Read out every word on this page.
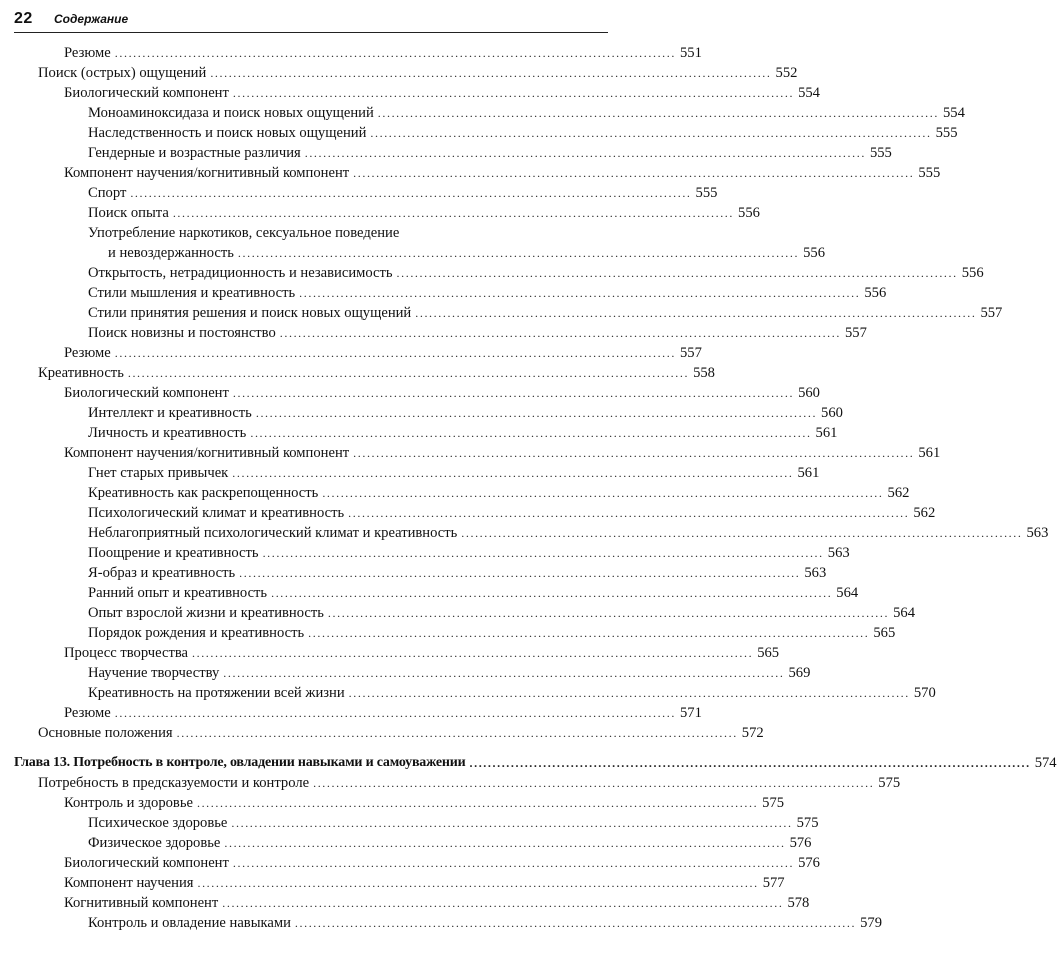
22 Содержание
Резюме .......................................................................................................................... 551
Поиск (острых) ощущений .......................................................................................................................... 552
Биологический компонент .......................................................................................................................... 554
Моноаминоксидаза и поиск новых ощущений .......................................................................................................................... 554
Наследственность и поиск новых ощущений .......................................................................................................................... 555
Гендерные и возрастные различия .......................................................................................................................... 555
Компонент научения/когнитивный компонент .......................................................................................................................... 555
Спорт .......................................................................................................................... 555
Поиск опыта .......................................................................................................................... 556
Употребление наркотиков, сексуальное поведение
и невоздержанность .......................................................................................................................... 556
Открытость, нетрадиционность и независимость .......................................................................................................................... 556
Стили мышления и креативность .......................................................................................................................... 556
Стили принятия решения и поиск новых ощущений .......................................................................................................................... 557
Поиск новизны и постоянство .......................................................................................................................... 557
Резюме .......................................................................................................................... 557
Креативность .......................................................................................................................... 558
Биологический компонент .......................................................................................................................... 560
Интеллект и креативность .......................................................................................................................... 560
Личность и креативность .......................................................................................................................... 561
Компонент научения/когнитивный компонент .......................................................................................................................... 561
Гнет старых привычек .......................................................................................................................... 561
Креативность как раскрепощенность .......................................................................................................................... 562
Психологический климат и креативность .......................................................................................................................... 562
Неблагоприятный психологический климат и креативность .......................................................................................................................... 563
Поощрение и креативность .......................................................................................................................... 563
Я-образ и креативность .......................................................................................................................... 563
Ранний опыт и креативность .......................................................................................................................... 564
Опыт взрослой жизни и креативность .......................................................................................................................... 564
Порядок рождения и креативность .......................................................................................................................... 565
Процесс творчества .......................................................................................................................... 565
Научение творчеству .......................................................................................................................... 569
Креативность на протяжении всей жизни .......................................................................................................................... 570
Резюме .......................................................................................................................... 571
Основные положения .......................................................................................................................... 572
Глава 13. Потребность в контроле, овладении навыками и самоуважении .......................................................................................................................... 574
Потребность в предсказуемости и контроле .......................................................................................................................... 575
Контроль и здоровье .......................................................................................................................... 575
Психическое здоровье .......................................................................................................................... 575
Физическое здоровье .......................................................................................................................... 576
Биологический компонент .......................................................................................................................... 576
Компонент научения .......................................................................................................................... 577
Когнитивный компонент .......................................................................................................................... 578
Контроль и овладение навыками .......................................................................................................................... 579
